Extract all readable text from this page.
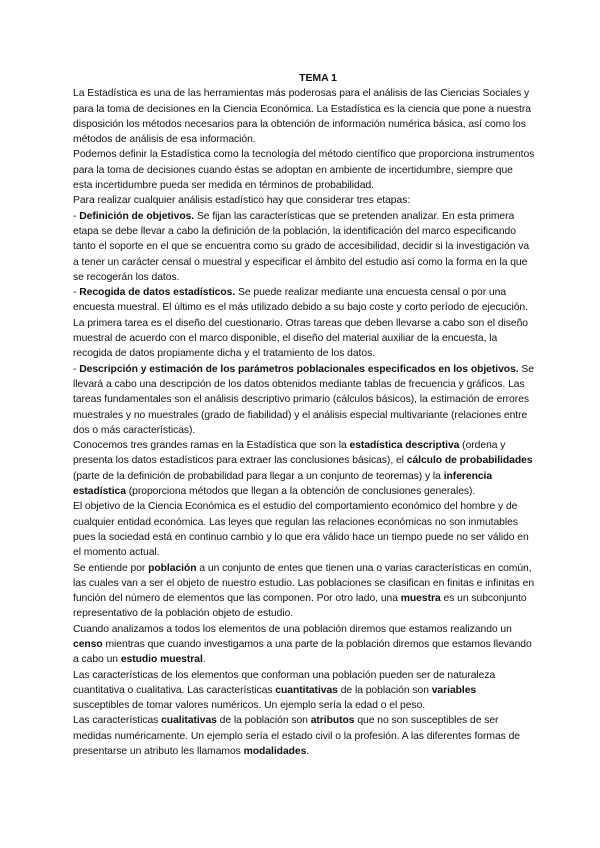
TEMA 1

La Estadística es una de las herramientas más poderosas para el análisis de las Ciencias Sociales y para la toma de decisiones en la Ciencia Económica. La Estadística es la ciencia que pone a nuestra disposición los métodos necesarios para la obtención de información numérica básica, así como los métodos de análisis de esa información.

Podemos definir la Estadística como la tecnología del método científico que proporciona instrumentos para la toma de decisiones cuando éstas se adoptan en ambiente de incertidumbre, siempre que esta incertidumbre pueda ser medida en términos de probabilidad.

Para realizar cualquier análisis estadístico hay que considerar tres etapas:

- Definición de objetivos. Se fijan las características que se pretenden analizar. En esta primera etapa se debe llevar a cabo la definición de la población, la identificación del marco especificando tanto el soporte en el que se encuentra como su grado de accesibilidad, decidir si la investigación va a tener un carácter censal o muestral y especificar el ámbito del estudio así como la forma en la que se recogerán los datos.

- Recogida de datos estadísticos. Se puede realizar mediante una encuesta censal o por una encuesta muestral. El último es el más utilizado debido a su bajo coste y corto período de ejecución. La primera tarea es el diseño del cuestionario. Otras tareas que deben llevarse a cabo son el diseño muestral de acuerdo con el marco disponible, el diseño del material auxiliar de la encuesta, la recogida de datos propiamente dicha y el tratamiento de los datos.

- Descripción y estimación de los parámetros poblacionales especificados en los objetivos. Se llevará a cabo una descripción de los datos obtenidos mediante tablas de frecuencia y gráficos. Las tareas fundamentales son el análisis descriptivo primario (cálculos básicos), la estimación de errores muestrales y no muestrales (grado de fiabilidad) y el análisis especial multivariante (relaciones entre dos o más características).

Conocemos tres grandes ramas en la Estadística que son la estadística descriptiva (ordena y presenta los datos estadísticos para extraer las conclusiones básicas), el cálculo de probabilidades (parte de la definición de probabilidad para llegar a un conjunto de teoremas) y la inferencia estadística (proporciona métodos que llegan a la obtención de conclusiones generales).

El objetivo de la Ciencia Económica es el estudio del comportamiento económico del hombre y de cualquier entidad económica. Las leyes que regulan las relaciones económicas no son inmutables pues la sociedad está en continuo cambio y lo que era válido hace un tiempo puede no ser válido en el momento actual.

Se entiende por población a un conjunto de entes que tienen una o varias características en común, las cuales van a ser el objeto de nuestro estudio. Las poblaciones se clasifican en finitas e infinitas en función del número de elementos que las componen. Por otro lado, una muestra es un subconjunto representativo de la población objeto de estudio.

Cuando analizamos a todos los elementos de una población diremos que estamos realizando un censo mientras que cuando investigamos a una parte de la población diremos que estamos llevando a cabo un estudio muestral.

Las características de los elementos que conforman una población pueden ser de naturaleza cuantitativa o cualitativa. Las características cuantitativas de la población son variables susceptibles de tomar valores numéricos. Un ejemplo sería la edad o el peso.

Las características cualitativas de la población son atributos que no son susceptibles de ser medidas numéricamente. Un ejemplo sería el estado civil o la profesión. A las diferentes formas de presentarse un atributo les llamamos modalidades.
